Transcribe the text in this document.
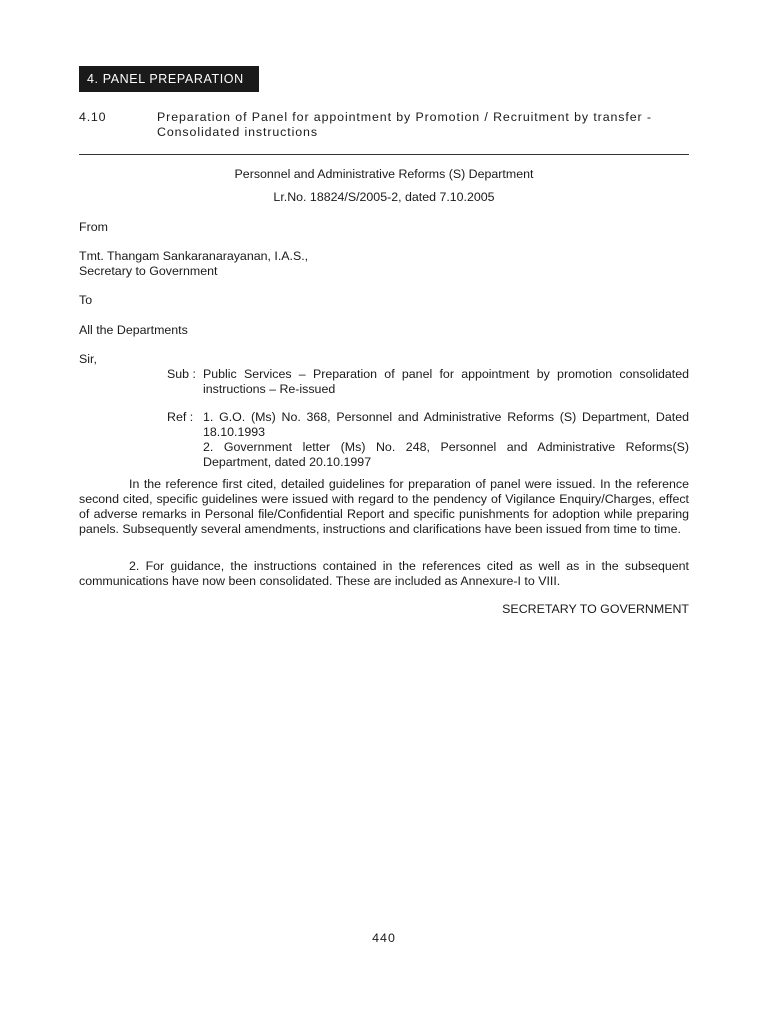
4. PANEL PREPARATION
4.10	Preparation of Panel for appointment by Promotion / Recruitment by transfer - Consolidated instructions
Personnel and Administrative Reforms (S) Department
Lr.No. 18824/S/2005-2, dated 7.10.2005
From
Tmt. Thangam Sankaranarayanan, I.A.S.,
Secretary to Government
To
All the Departments
Sir,
Sub : Public Services – Preparation of panel for appointment by promotion consolidated instructions – Re-issued
Ref : 1. G.O. (Ms) No. 368, Personnel and Administrative Reforms (S) Department, Dated 18.10.1993
2. Government letter (Ms) No. 248, Personnel and Administrative Reforms(S) Department, dated 20.10.1997
In the reference first cited, detailed guidelines for preparation of panel were issued. In the reference second cited, specific guidelines were issued with regard to the pendency of Vigilance Enquiry/Charges, effect of adverse remarks in Personal file/Confidential Report and specific punishments for adoption while preparing panels. Subsequently several amendments, instructions and clarifications have been issued from time to time.
2. For guidance, the instructions contained in the references cited as well as in the subsequent communications have now been consolidated. These are included as Annexure-I to VIII.
SECRETARY TO GOVERNMENT
440
